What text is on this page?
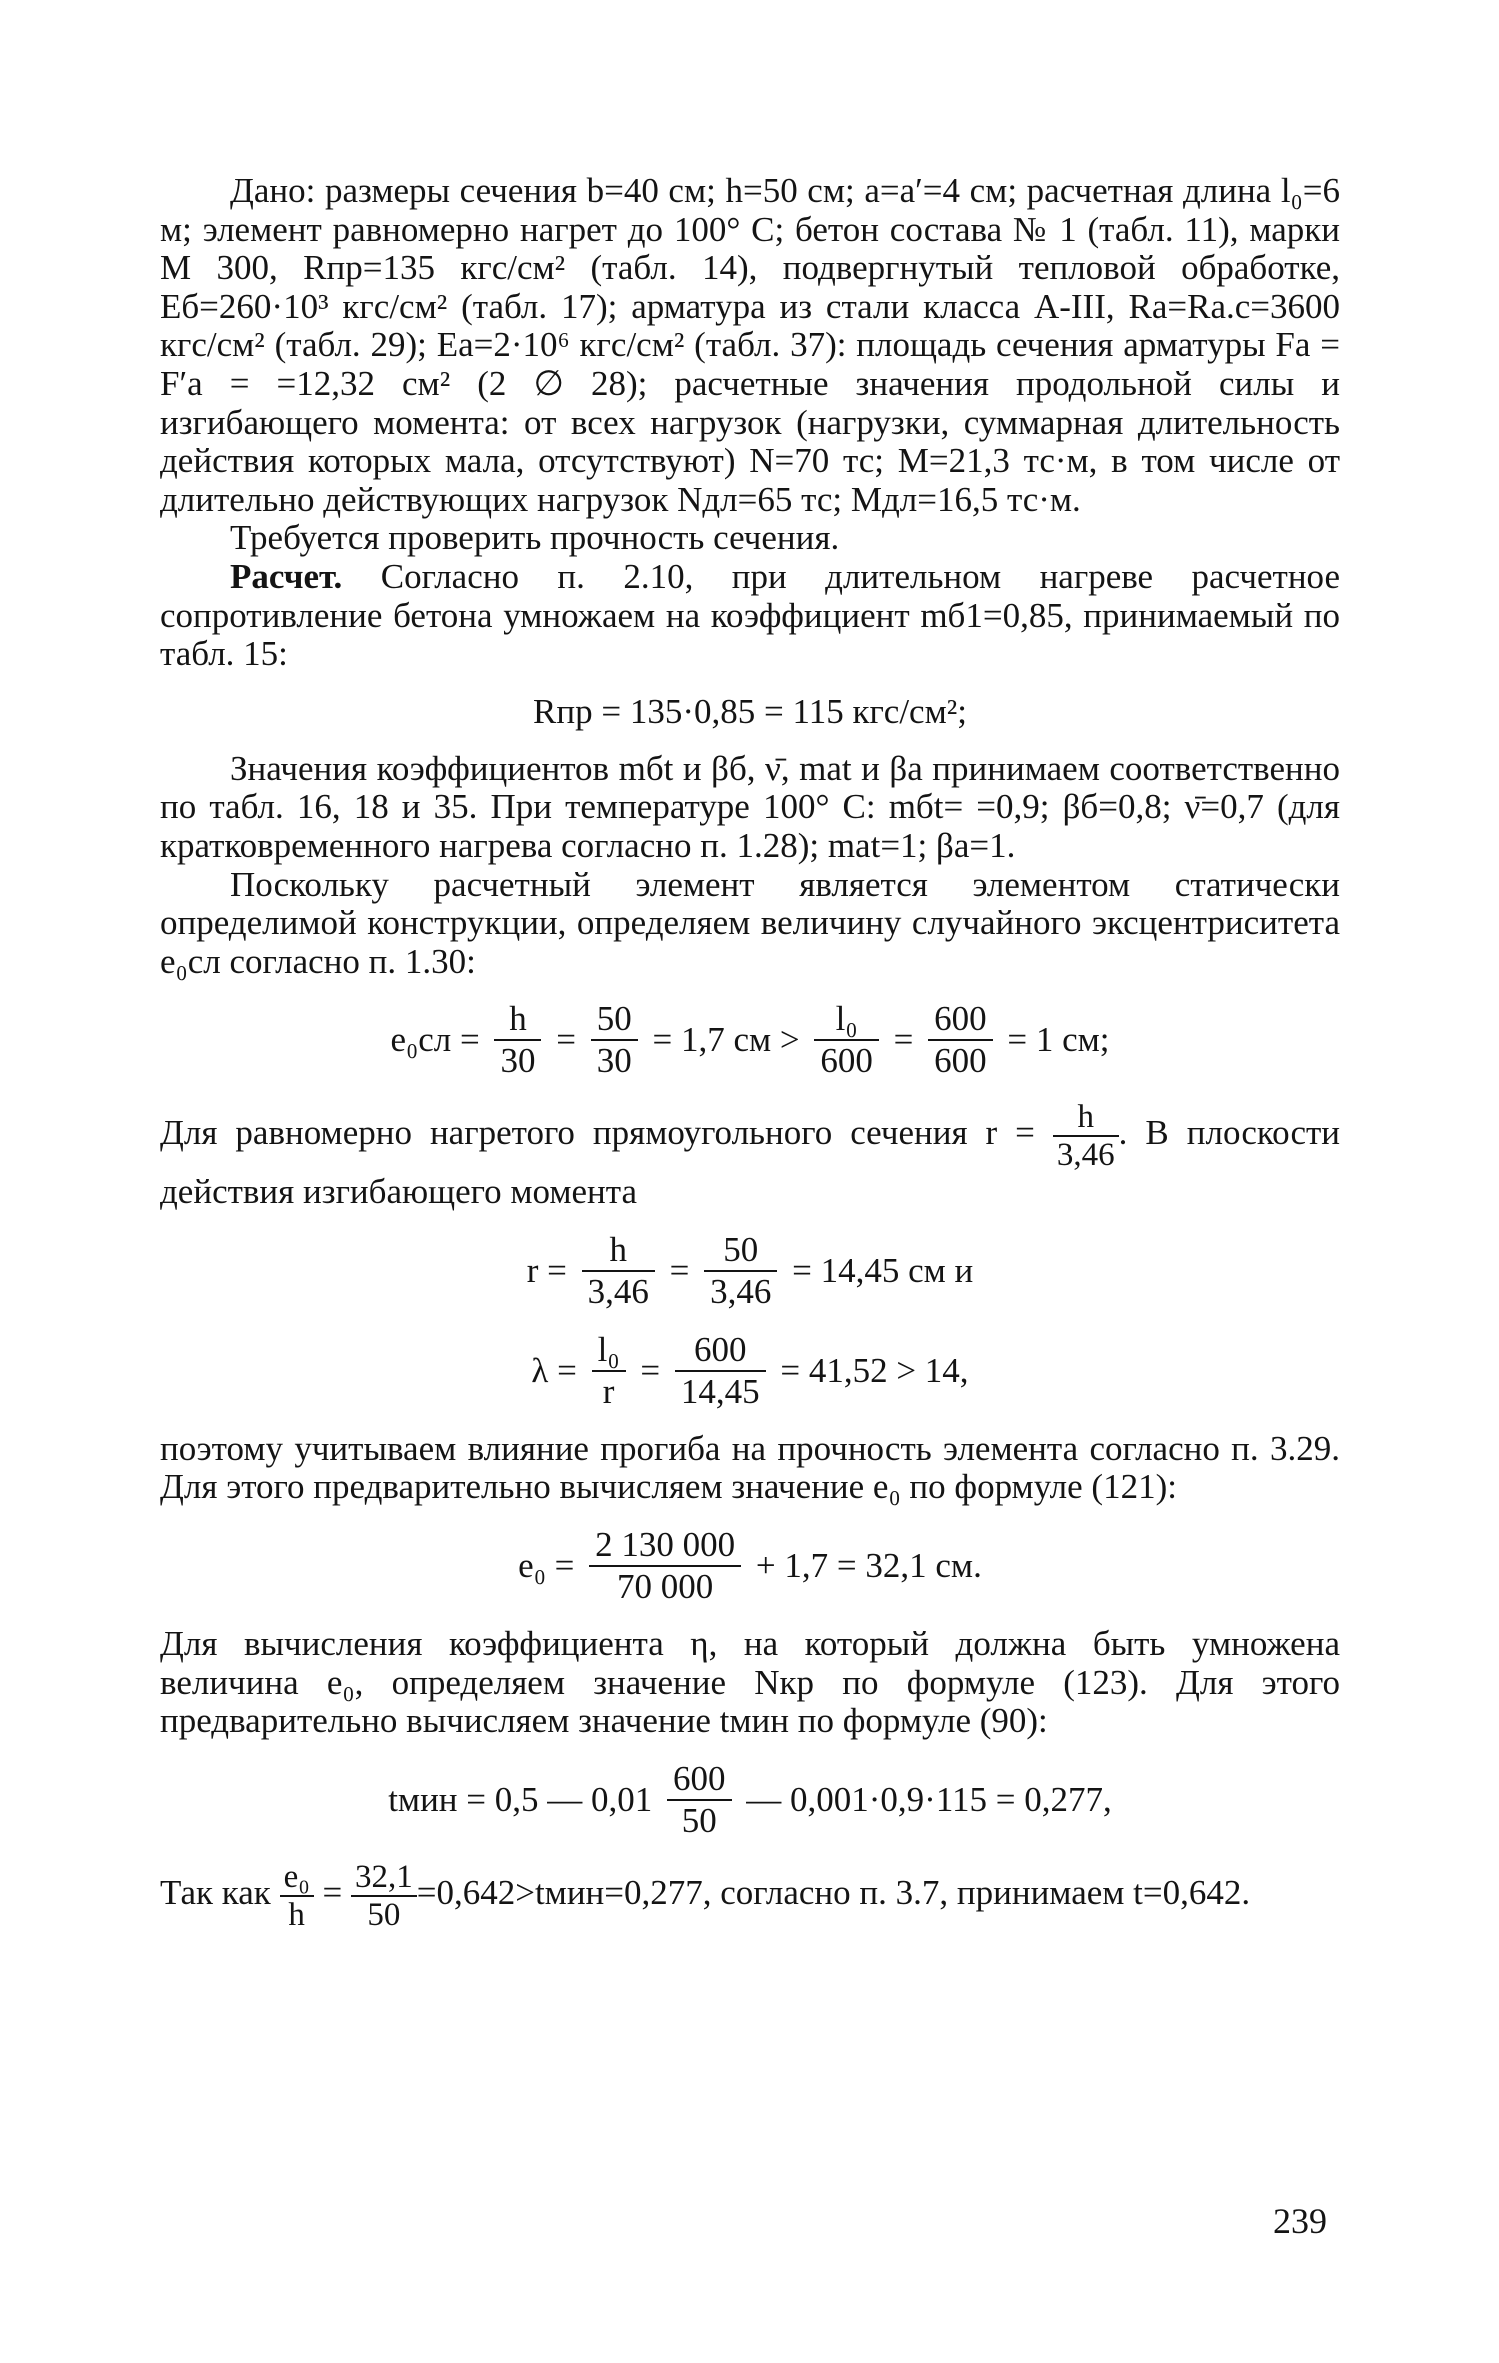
Дано: размеры сечения b=40 см; h=50 см; a=a′=4 см; расчетная длина l₀=6 м; элемент равномерно нагрет до 100° С; бетон состава № 1 (табл. 11), марки М 300, Rпр=135 кгс/см² (табл. 14), подвергнутый тепловой обработке, Eб=260·10³ кгс/см² (табл. 17); арматура из стали класса А-III, Ra=Ra.c=3600 кгс/см² (табл. 29); Ea=2·10⁶ кгс/см² (табл. 37): площадь сечения арматуры Fa = F′a = =12,32 см² (2 ∅ 28); расчетные значения продольной силы и изгибающего момента: от всех нагрузок (нагрузки, суммарная длительность действия которых мала, отсутствуют) N=70 тс; M=21,3 тс·м, в том числе от длительно действующих нагрузок Nдл=65 тс; Mдл=16,5 тс·м.

Требуется проверить прочность сечения.

Расчет. Согласно п. 2.10, при длительном нагреве расчетное сопротивление бетона умножаем на коэффициент mб1=0,85, принимаемый по табл. 15:

Rпр = 135·0,85 = 115 кгс/см²;

Значения коэффициентов mбt и βб, ν̄, mat и βa принимаем соответственно по табл. 16, 18 и 35. При температуре 100° С: mбt= =0,9; βб=0,8; ν̄=0,7 (для кратковременного нагрева согласно п. 1.28); mat=1; βa=1.

Поскольку расчетный элемент является элементом статически определимой конструкции, определяем величину случайного эксцентриситета e₀сл согласно п. 1.30:

$e_0сл = \frac{h}{30} = \frac{50}{30} = 1,7$ см > $\frac{\text{l₀}}{600} = \frac{600}{600} = 1$ см;

Для равномерно нагретого прямоугольного сечения $r = \frac{h}{3,46}$ . В плоскости действия изгибающего момента

$r = \frac{h}{3,46} = \frac{50}{3,46} = 14,45$ см и
$\lambda = \frac{\text{l₀}}{r} = \frac{600}{14,45} = 41,52 > 14$,

поэтому учитываем влияние прогиба на прочность элемента согласно п. 3.29. Для этого предварительно вычисляем значение e₀ по формуле (121):

$e_0 = \frac{2 130 000}{70 000} + 1,7 = 32,1$ см.

Для вычисления коэффициента η, на который должна быть умножена величина e₀, определяем значение Nкр по формуле (123). Для этого предварительно вычисляем значение tмин по формуле (90):

tмин = 0,5 — $0,01 \frac{600}{50}$ — 0,001·0,9·115 = 0,277,

Так как $\frac{\text{e₀}}{h} = \frac{32,1}{50}$ =0,642>tмин=0,277, согласно п. 3.7, принимаем t=0,642.

239
